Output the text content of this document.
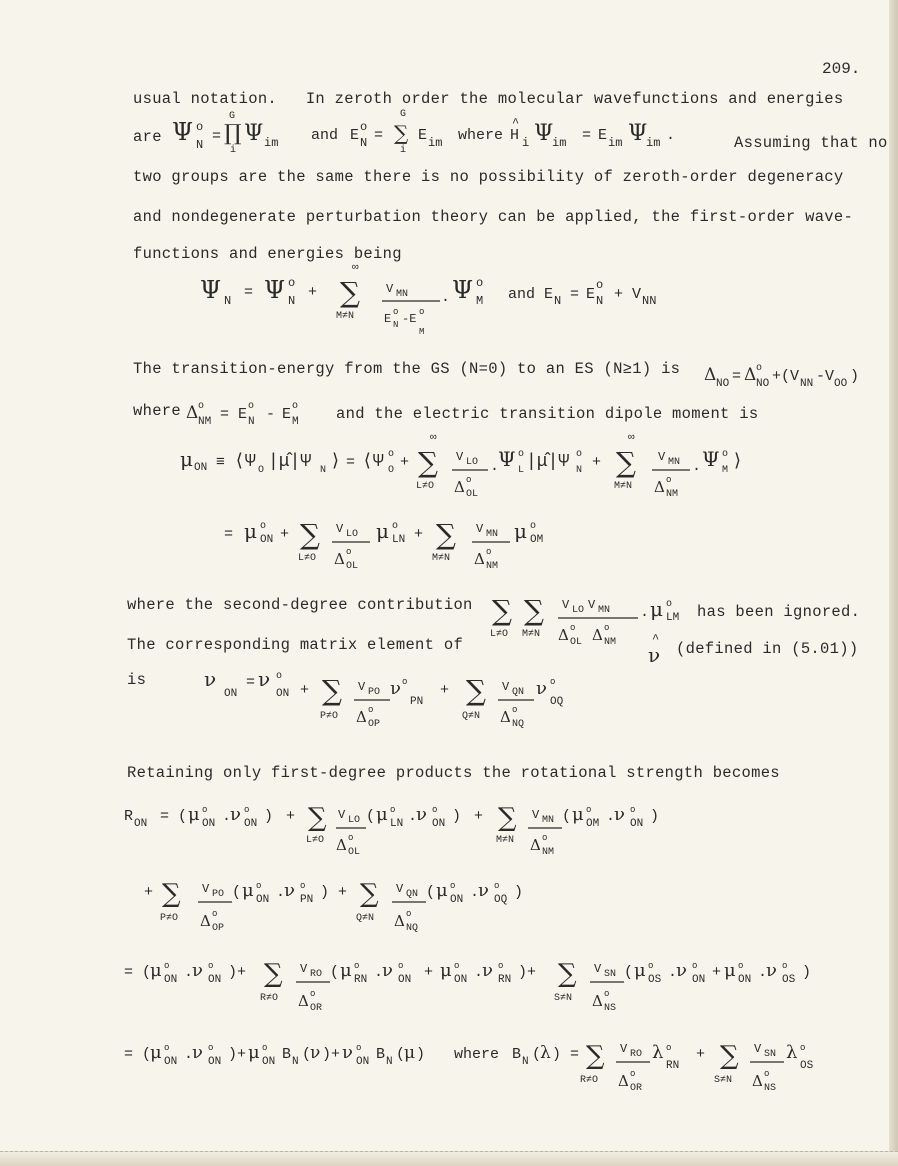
209.
usual notation.   In zeroth order the molecular wavefunctions and energies
are Ψ o
N =
G
∏
i
Ψ im and E o
N =
G
∑
i
E im where
^
H i Ψ
im = E im Ψ
im .	Assuming that no
two groups are the same there is no possibility of zeroth-order degeneracy
and nondegenerate perturbation theory can be applied, the first-order wave-
functions and energies being
Ψ N = Ψ o
N +
∞
∑
M≠N
V MN
E o
N -E o
M
. Ψ o
M and E N = E
o
N + V NN
The transition-energy from the GS (N=0) to an ES (N≥1) is Δ NO = Δ o
NO +(V NN -V OO )
where Δ o
NM = E o
N - E o
M and the electric transition dipole moment is
μ ON ≡ ⟨Ψ O |μ̂|Ψ N ⟩ = ⟨Ψ o
O +
∞
∑
L≠O
V LO
Δ o
OL
.
Ψ o
L |μ̂|Ψ o
N +
∞
∑
M≠N
V MN
Δ o
NM
. Ψ o
M ⟩
= μ o
ON + ∑
L≠O
V LO
Δ o
OL
μ o
LN + ∑
M≠N
V MN
Δ o
NM
μ o
OM
where the second-degree contribution ∑
L≠O
∑
M≠N
V LO V MN
Δ o
OL Δ o
NM
. μ o
LM has been ignored.
The corresponding matrix element of	^
ν (defined in (5.01))
is	ν
ON
= ν o
ON + ∑
P≠O
V PO
Δ o
OP
ν o
PN
+ ∑
Q≠N
V QN
Δ o
NQ
ν o
OQ
Retaining only first-degree products the rotational strength becomes
R ON = ( μ o
ON .
ν o
ON ) + ∑
L≠O
V LO
Δ o
OL
( μ o
LN .
ν o
ON ) + ∑
M≠N
V MN
Δ o
NM
( μ o
OM .
ν o
ON )
+ ∑
P≠O
V PO
Δ o
OP
( μ o
ON .
ν o
PN ) + ∑
Q≠N
V QN
Δ o
NQ
( μ o
ON .
ν o
OQ )
= (
μ o
ON .
ν o
ON )+ ∑
R≠O
V RO
Δ o
OR
( μ o
RN .
ν o
ON + μ o
ON .
ν o
RN )+ ∑
S≠N
V SN
Δ o
NS
( μ o
OS .
ν o
ON + μ o
ON .
ν o
OS )
= (
μ o
ON .
ν o
ON )+ μ o
ON B N (
ν )+ ν o
ON B N (
μ ) where B N (
λ ) = ∑
R≠O
V RO
Δ o
OR
λ o
RN
+ ∑
S≠N
V SN
Δ o
NS
λ o
OS
